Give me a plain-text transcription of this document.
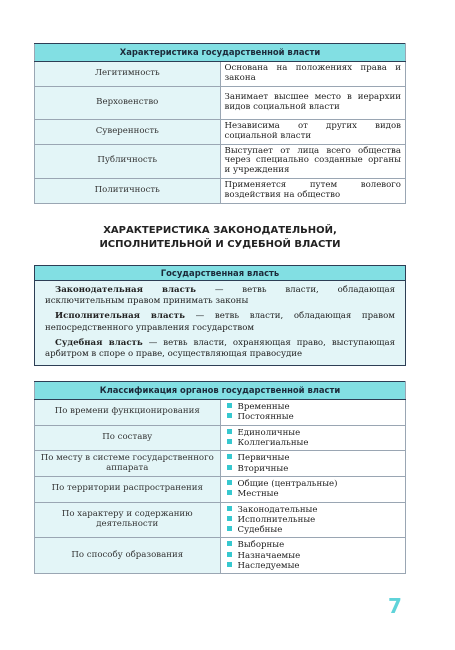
Характеристика государственной власти	
Легитимность	Основана на положениях права и закона
Верховенство	Занимает высшее место в иерархии видов социальной власти
Суверенность	Независима от других видов социальной власти
Публичность	Выступает от лица всего общества через специально созданные органы и учреждения
Политичность	Применяется путем волевого воздействия на общество
ХАРАКТЕРИСТИКА ЗАКОНОДАТЕЛЬНОЙ,
ИСПОЛНИТЕЛЬНОЙ И СУДЕБНОЙ ВЛАСТИ
Государственная власть

Законодательная власть — ветвь власти, обладающая исключительным правом принимать законы

Исполнительная власть — ветвь власти, обладающая правом непосредственного управления государством

Судебная власть — ветвь власти, охраняющая право, выступающая арбитром в споре о праве, осуществляющая правосудие

Классификация органов государственной власти	
По времени функционирования	Временные
Постоянные

По составу	Единоличные
Коллегиальные

По месту в системе государственного аппарата	Первичные
Вторичные

По территории распространения	Общие (центральные)
Местные

По характеру и содержанию деятельности	Законодательные
Исполнительные
Судебные

По способу образования	Выборные
Назначаемые
Наследуемые
7
